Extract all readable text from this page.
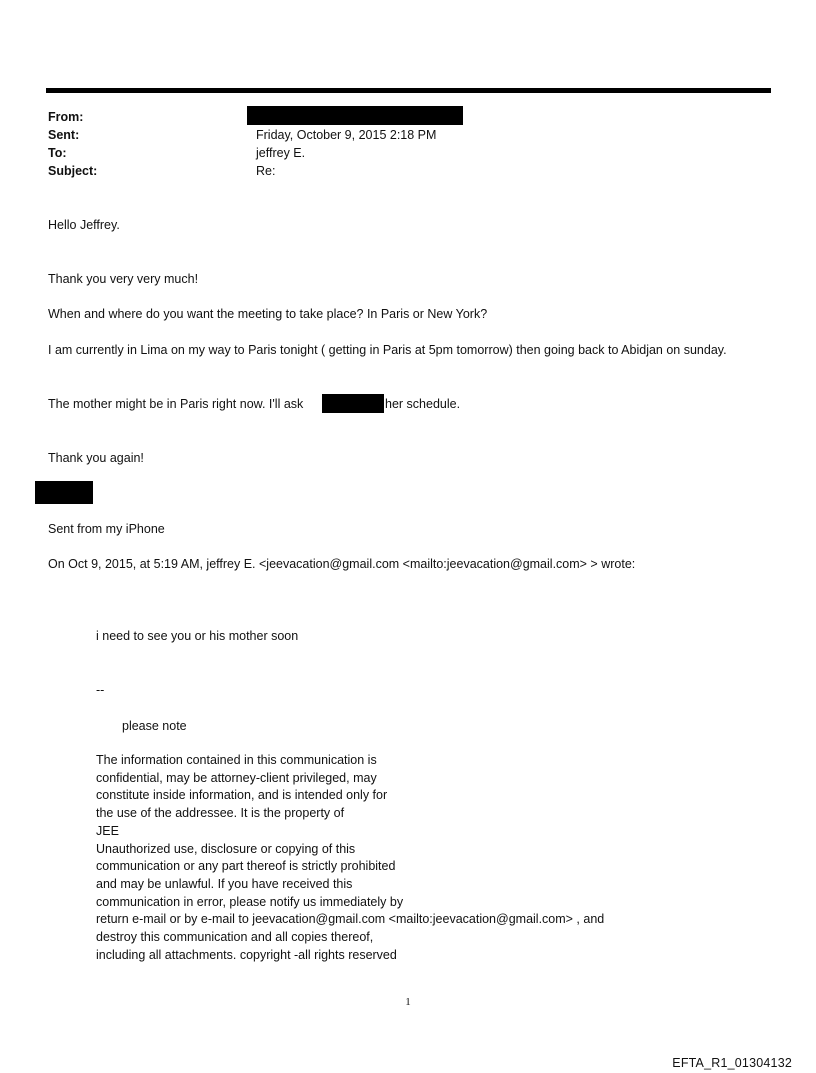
From:
Sent:	Friday, October 9, 2015 2:18 PM
To:	jeffrey E.
Subject:	Re:
Hello Jeffrey.
Thank you very very much!
When and where do you want the meeting to take place? In Paris or New York?
I am currently in Lima on my way to Paris tonight ( getting in Paris at 5pm tomorrow) then going back to Abidjan on sunday.
The mother might be in Paris right now. I'll ask	her schedule.
Thank you again!
Sent from my iPhone
On Oct 9, 2015, at 5:19 AM, jeffrey E. <jeevacation@gmail.com <mailto:jeevacation@gmail.com> > wrote:
i need to see you or his mother soon
--
please note
The information contained in this communication is
confidential, may be attorney-client privileged, may
constitute inside information, and is intended only for
the use of the addressee. It is the property of
JEE
Unauthorized use, disclosure or copying of this
communication or any part thereof is strictly prohibited
and may be unlawful. If you have received this
communication in error, please notify us immediately by
return e-mail or by e-mail to jeevacation@gmail.com <mailto:jeevacation@gmail.com> , and
destroy this communication and all copies thereof,
including all attachments. copyright -all rights reserved
1
EFTA_R1_01304132
